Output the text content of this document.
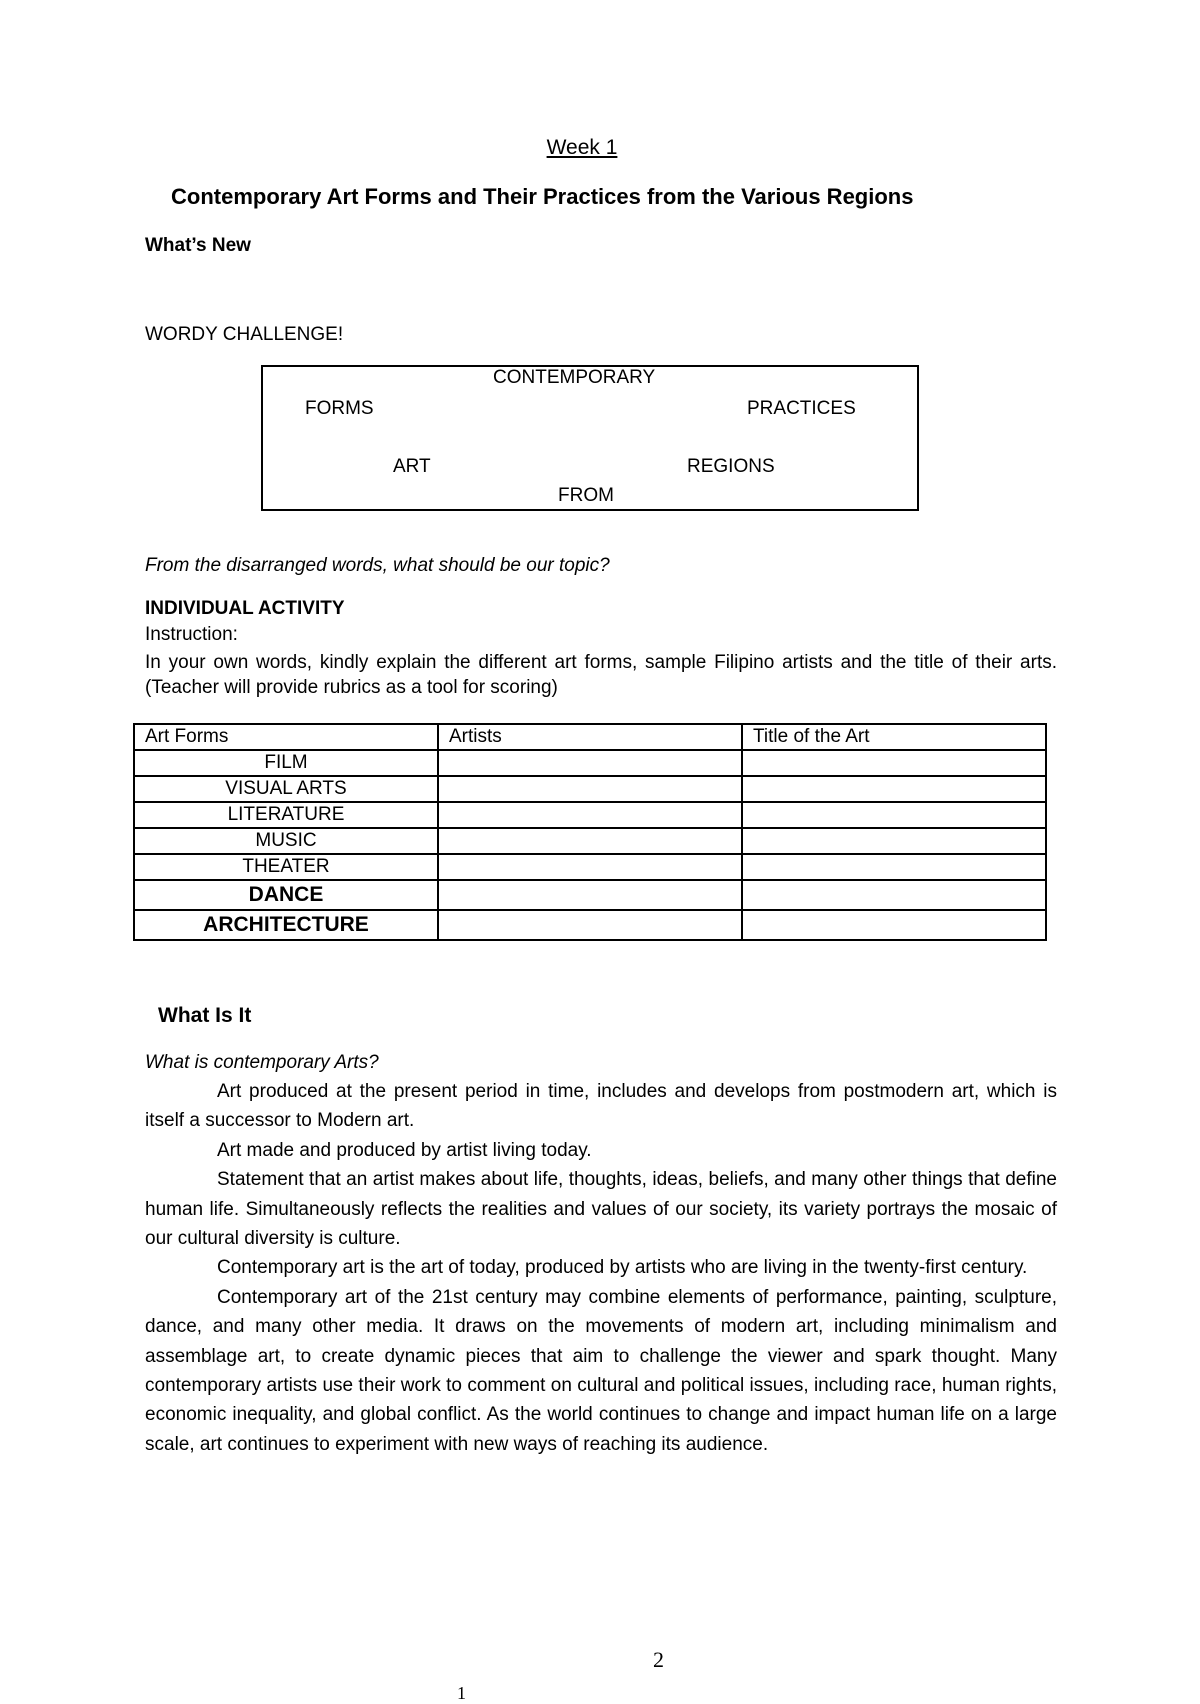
Week 1
Contemporary Art Forms and Their Practices from the Various Regions
What’s New
WORDY CHALLENGE!
CONTEMPORARY
FORMS	PRACTICES
ART	REGIONS
FROM
From the disarranged words, what should be our topic?
INDIVIDUAL ACTIVITY
Instruction:
In your own words, kindly explain the different art forms, sample Filipino artists and the title of their arts. (Teacher will provide rubrics as a tool for scoring)
Art Forms	Artists	Title of the Art
FILM		
VISUAL ARTS		
LITERATURE		
MUSIC		
THEATER		
DANCE		
ARCHITECTURE		
What Is It
What is contemporary Arts?

Art produced at the present period in time, includes and develops from postmodern art, which is itself a successor to Modern art.

Art made and produced by artist living today.

Statement that an artist makes about life, thoughts, ideas, beliefs, and many other things that define human life. Simultaneously reflects the realities and values of our society, its variety portrays the mosaic of our cultural diversity is culture.

Contemporary art is the art of today, produced by artists who are living in the twenty-first century.

Contemporary art of the 21st century may combine elements of performance, painting, sculpture, dance, and many other media. It draws on the movements of modern art, including minimalism and assemblage art, to create dynamic pieces that aim to challenge the viewer and spark thought. Many contemporary artists use their work to comment on cultural and political issues, including race, human rights, economic inequality, and global conflict. As the world continues to change and impact human life on a large scale, art continues to experiment with new ways of reaching its audience.

2
1
